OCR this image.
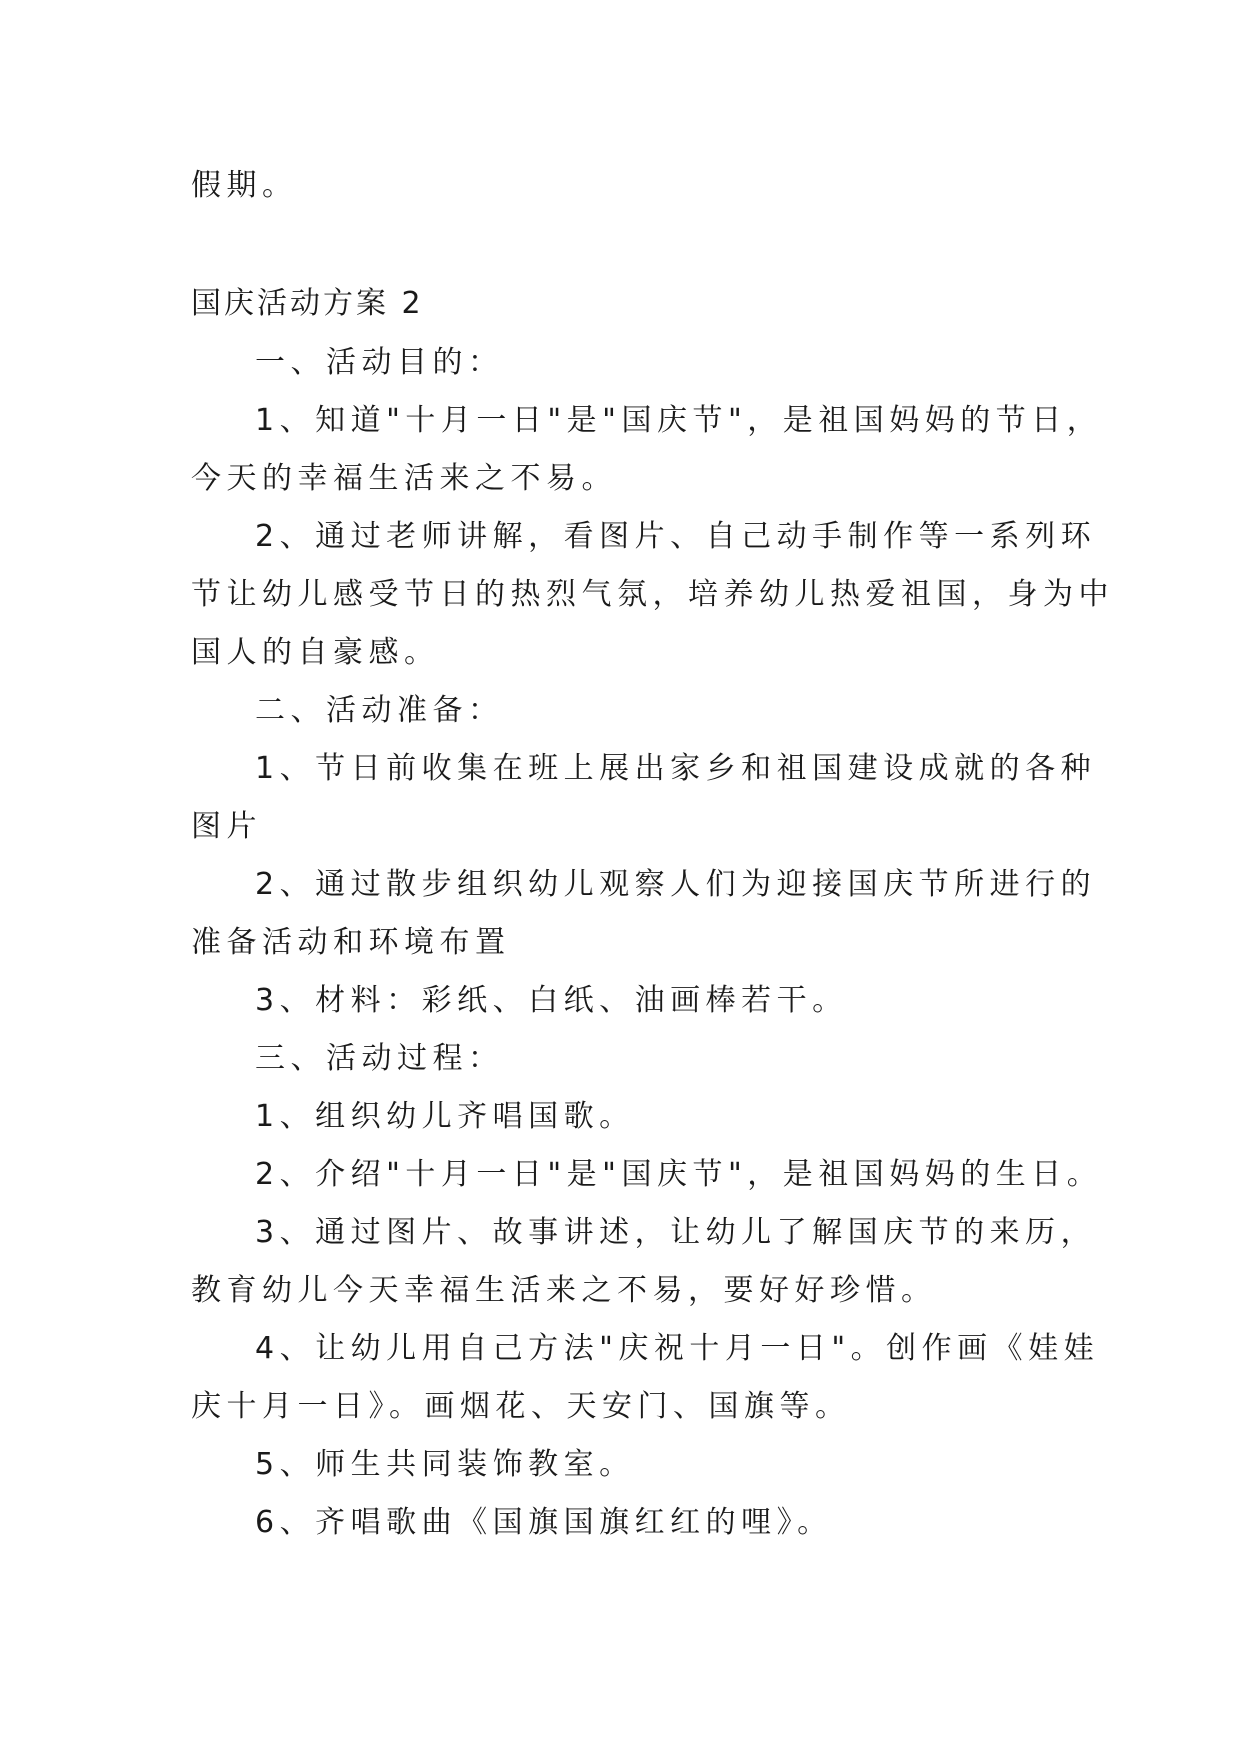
假期。
国庆活动方案 2
一、活动目的：
1、知道"十月一日"是"国庆节"，是祖国妈妈的节日，
今天的幸福生活来之不易。
2、通过老师讲解，看图片、自己动手制作等一系列环
节让幼儿感受节日的热烈气氛，培养幼儿热爱祖国，身为中
国人的自豪感。
二、活动准备：
1、节日前收集在班上展出家乡和祖国建设成就的各种
图片
2、通过散步组织幼儿观察人们为迎接国庆节所进行的
准备活动和环境布置
3、材料：彩纸、白纸、油画棒若干。
三、活动过程：
1、组织幼儿齐唱国歌。
2、介绍"十月一日"是"国庆节"，是祖国妈妈的生日。
3、通过图片、故事讲述，让幼儿了解国庆节的来历，
教育幼儿今天幸福生活来之不易，要好好珍惜。
4、让幼儿用自己方法"庆祝十月一日"。创作画《娃娃
庆十月一日》。画烟花、天安门、国旗等。
5、师生共同装饰教室。
6、齐唱歌曲《国旗国旗红红的哩》。
